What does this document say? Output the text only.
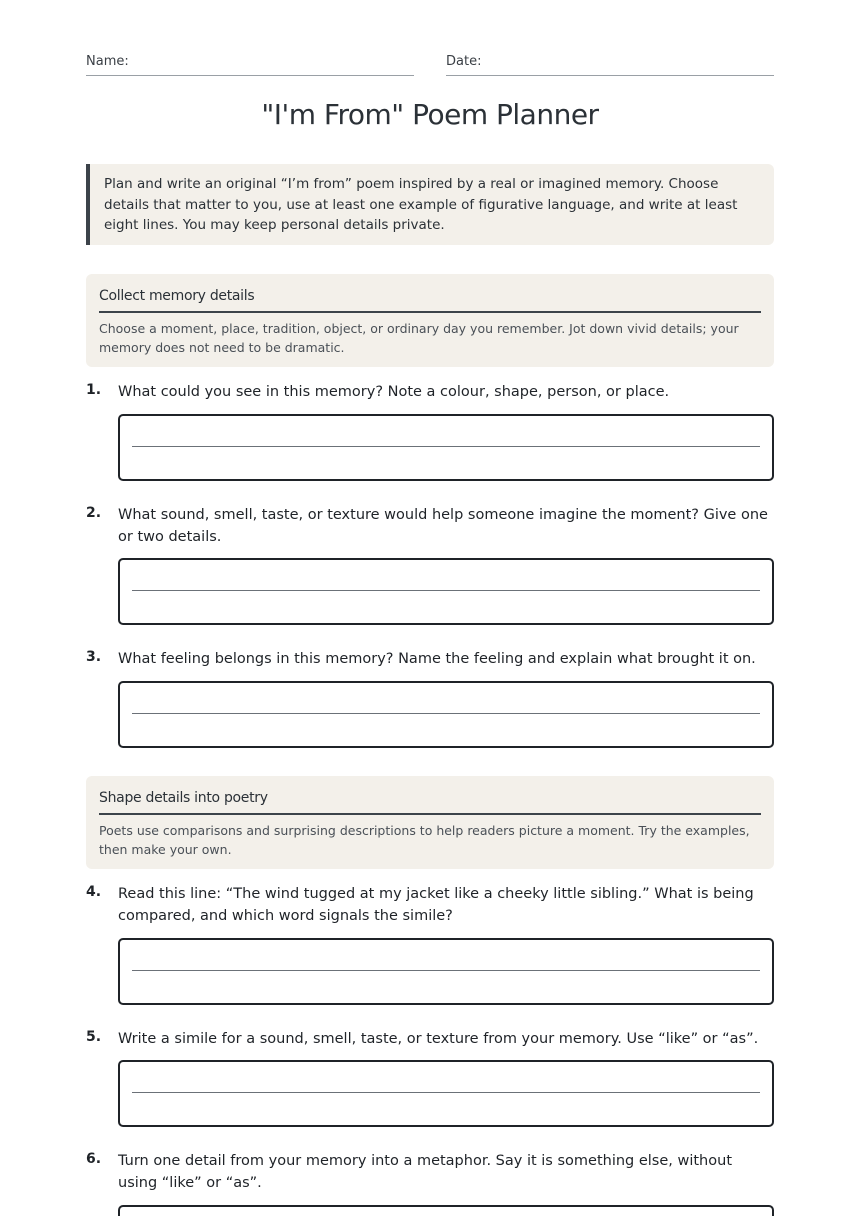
Name:	Date:
"I'm From" Poem Planner
Plan and write an original “I’m from” poem inspired by a real or imagined memory. Choose details that matter to you, use at least one example of figurative language, and write at least eight lines. You may keep personal details private.
Collect memory details
Choose a moment, place, tradition, object, or ordinary day you remember. Jot down vivid details; your memory does not need to be dramatic.
1. What could you see in this memory? Note a colour, shape, person, or place.
2. What sound, smell, taste, or texture would help someone imagine the moment? Give one or two details.
3. What feeling belongs in this memory? Name the feeling and explain what brought it on.
Shape details into poetry
Poets use comparisons and surprising descriptions to help readers picture a moment. Try the examples, then make your own.
4. Read this line: “The wind tugged at my jacket like a cheeky little sibling.” What is being compared, and which word signals the simile?
5. Write a simile for a sound, smell, taste, or texture from your memory. Use “like” or “as”.
6. Turn one detail from your memory into a metaphor. Say it is something else, without using “like” or “as”.
